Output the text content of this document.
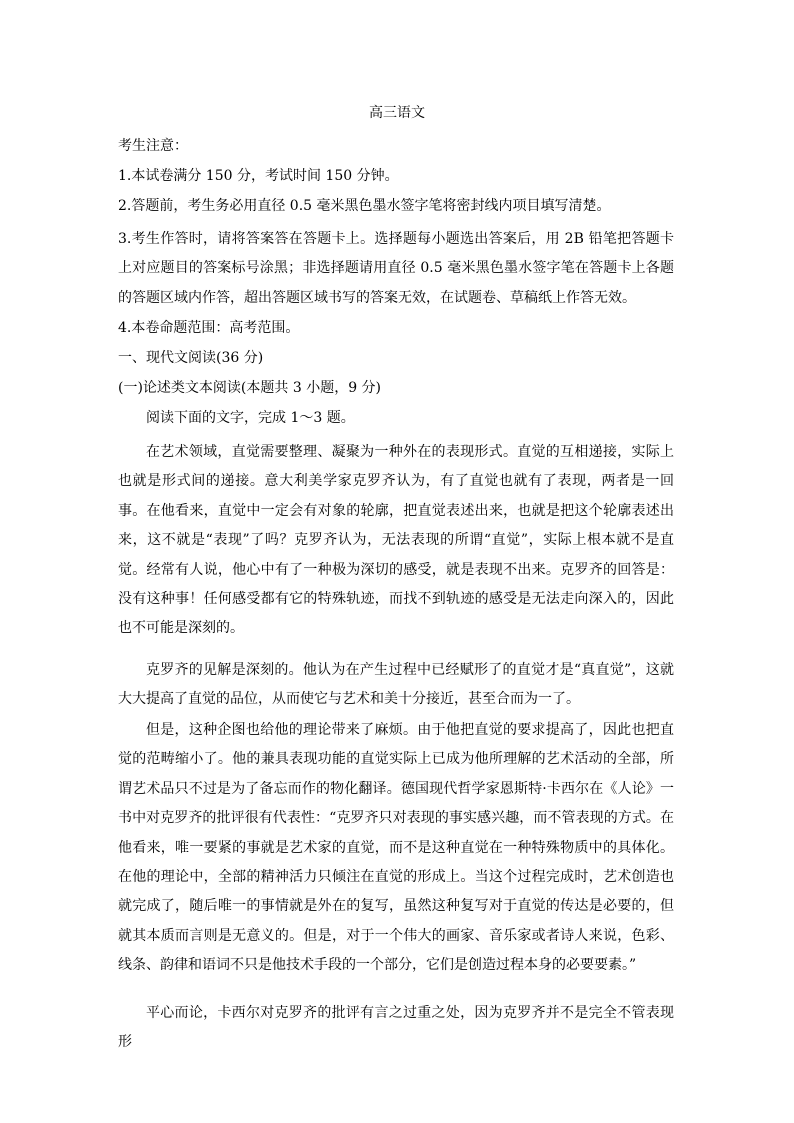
高三语文
考生注意：
1.本试卷满分 150 分，考试时间 150 分钟。
2.答题前，考生务必用直径 0.5 毫米黑色墨水签字笔将密封线内项目填写清楚。

3.考生作答时，请将答案答在答题卡上。选择题每小题选出答案后，用 2B 铅笔把答题卡上对应题目的答案标号涂黑；非选择题请用直径 0.5 毫米黑色墨水签字笔在答题卡上各题的答题区域内作答，超出答题区域书写的答案无效，在试题卷、草稿纸上作答无效。

4.本卷命题范围：高考范围。
一、现代文阅读(36 分)
(一)论述类文本阅读(本题共 3 小题，9 分)
阅读下面的文字，完成 1～3 题。

在艺术领域，直觉需要整理、凝聚为一种外在的表现形式。直觉的互相递接，实际上也就是形式间的递接。意大利美学家克罗齐认为，有了直觉也就有了表现，两者是一回事。在他看来，直觉中一定会有对象的轮廓，把直觉表述出来，也就是把这个轮廓表述出来，这不就是“表现”了吗？克罗齐认为，无法表现的所谓“直觉”，实际上根本就不是直觉。经常有人说，他心中有了一种极为深切的感受，就是表现不出来。克罗齐的回答是：没有这种事！任何感受都有它的特殊轨迹，而找不到轨迹的感受是无法走向深入的，因此也不可能是深刻的。

克罗齐的见解是深刻的。他认为在产生过程中已经赋形了的直觉才是“真直觉”，这就大大提高了直觉的品位，从而使它与艺术和美十分接近，甚至合而为一了。

但是，这种企图也给他的理论带来了麻烦。由于他把直觉的要求提高了，因此也把直觉的范畴缩小了。他的兼具表现功能的直觉实际上已成为他所理解的艺术活动的全部，所谓艺术品只不过是为了备忘而作的物化翻译。德国现代哲学家恩斯特·卡西尔在《人论》一书中对克罗齐的批评很有代表性：“克罗齐只对表现的事实感兴趣，而不管表现的方式。在他看来，唯一要紧的事就是艺术家的直觉，而不是这种直觉在一种特殊物质中的具体化。在他的理论中，全部的精神活力只倾注在直觉的形成上。当这个过程完成时，艺术创造也就完成了，随后唯一的事情就是外在的复写，虽然这种复写对于直觉的传达是必要的，但就其本质而言则是无意义的。但是，对于一个伟大的画家、音乐家或者诗人来说，色彩、线条、韵律和语词不只是他技术手段的一个部分，它们是创造过程本身的必要要素。”

平心而论，卡西尔对克罗齐的批评有言之过重之处，因为克罗齐并不是完全不管表现形
